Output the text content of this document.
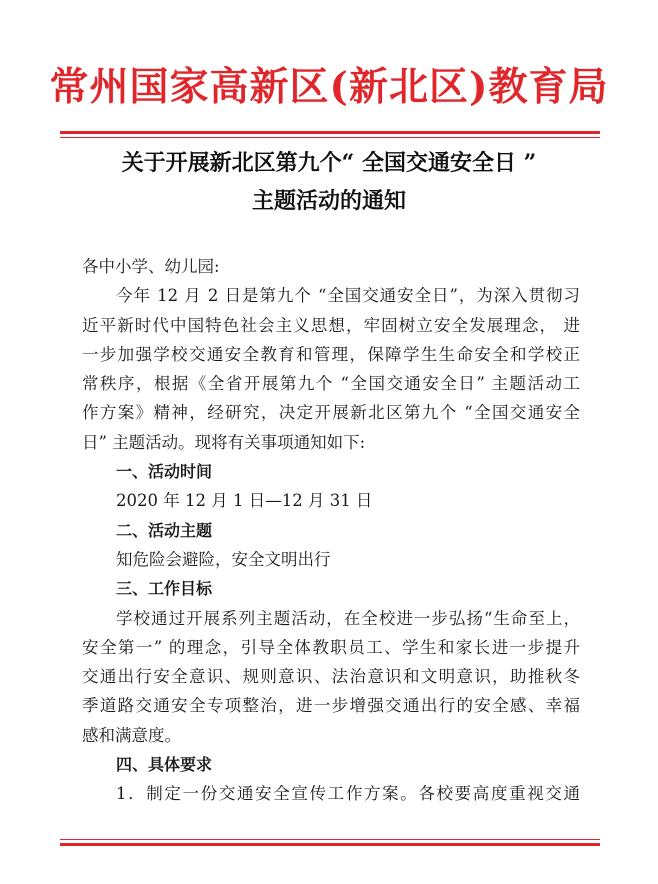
常州国家高新区(新北区)教育局
关于开展新北区第九个“ 全国交通安全日 ”
主题活动的通知
各中小学、幼儿园:
今年 12 月 2 日是第九个 “全国交通安全日”，为深入贯彻习
近平新时代中国特色社会主义思想，牢固树立安全发展理念， 进
一步加强学校交通安全教育和管理，保障学生生命安全和学校正
常秩序，根据《全省开展第九个 “全国交通安全日” 主题活动工
作方案》精神，经研究，决定开展新北区第九个 “全国交通安全
日” 主题活动。现将有关事项通知如下:
一、活动时间
2020 年 12 月 1 日—12 月 31 日
二、活动主题
知危险会避险，安全文明出行
三、工作目标
学校通过开展系列主题活动，在全校进一步弘扬“生命至上，
安全第一” 的理念，引导全体教职员工、学生和家长进一步提升
交通出行安全意识、规则意识、法治意识和文明意识，助推秋冬
季道路交通安全专项整治，进一步增强交通出行的安全感、幸福
感和满意度。
四、具体要求
1．制定一份交通安全宣传工作方案。各校要高度重视交通
